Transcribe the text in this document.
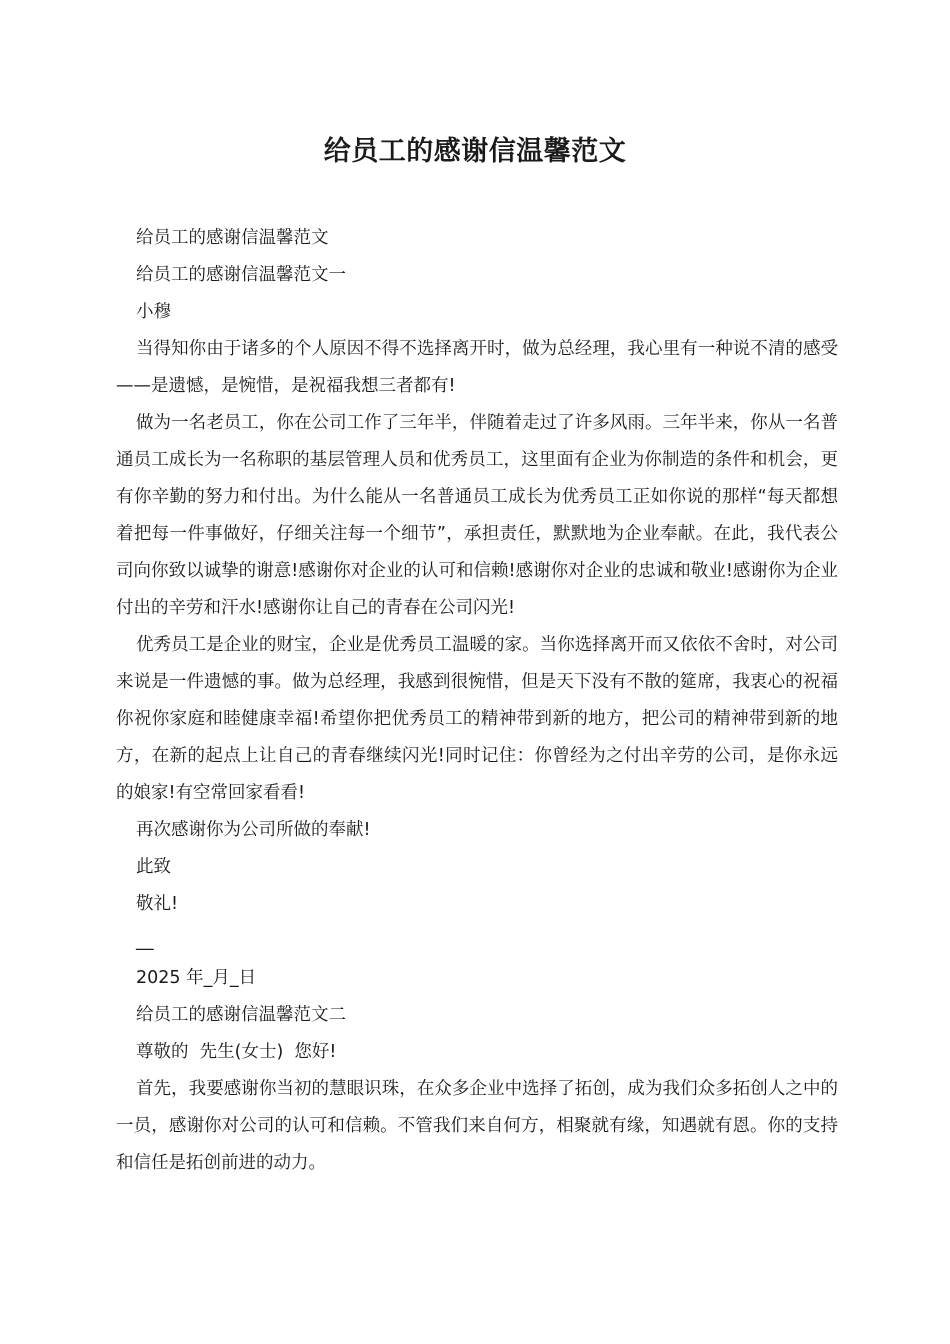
给员工的感谢信温馨范文

给员工的感谢信温馨范文

给员工的感谢信温馨范文一

小穆

当得知你由于诸多的个人原因不得不选择离开时，做为总经理，我心里有一种说不清的感受——是遗憾，是惋惜，是祝福我想三者都有!

做为一名老员工，你在公司工作了三年半，伴随着走过了许多风雨。三年半来，你从一名普通员工成长为一名称职的基层管理人员和优秀员工，这里面有企业为你制造的条件和机会，更有你辛勤的努力和付出。为什么能从一名普通员工成长为优秀员工正如你说的那样“每天都想着把每一件事做好，仔细关注每一个细节”，承担责任，默默地为企业奉献。在此，我代表公司向你致以诚挚的谢意!感谢你对企业的认可和信赖!感谢你对企业的忠诚和敬业!感谢你为企业付出的辛劳和汗水!感谢你让自己的青春在公司闪光!

优秀员工是企业的财宝，企业是优秀员工温暖的家。当你选择离开而又依依不舍时，对公司来说是一件遗憾的事。做为总经理，我感到很惋惜，但是天下没有不散的筵席，我衷心的祝福你祝你家庭和睦健康幸福!希望你把优秀员工的精神带到新的地方，把公司的精神带到新的地方，在新的起点上让自己的青春继续闪光!同时记住：你曾经为之付出辛劳的公司，是你永远的娘家!有空常回家看看!

再次感谢你为公司所做的奉献!

此致

敬礼!

__

2025 年_月_日

给员工的感谢信温馨范文二

尊敬的  先生(女士)  您好!

首先，我要感谢你当初的慧眼识珠，在众多企业中选择了拓创，成为我们众多拓创人之中的一员，感谢你对公司的认可和信赖。不管我们来自何方，相聚就有缘，知遇就有恩。你的支持和信任是拓创前进的动力。
